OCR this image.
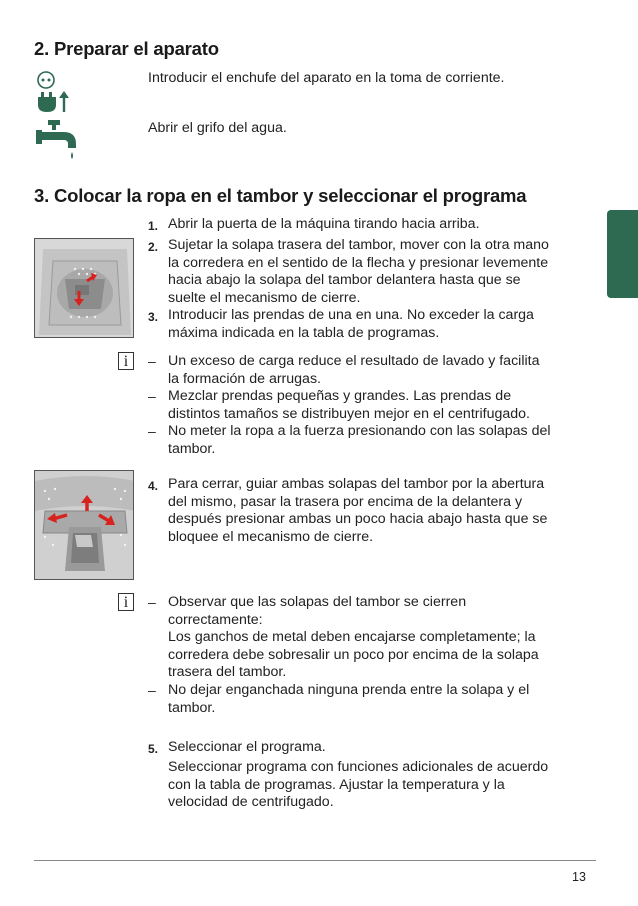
2. Preparar el aparato
Introducir el enchufe del aparato en la toma de corriente.
Abrir el grifo del agua.
3. Colocar la ropa en el tambor y seleccionar el programa
1. Abrir la puerta de la máquina tirando hacia arriba.
2. Sujetar la solapa trasera del tambor, mover con la otra mano
la corredera en el sentido de la flecha y presionar levemente
hacia abajo la solapa del tambor delantera hasta que se
suelte el mecanismo de cierre.
3. Introducir las prendas de una en una. No exceder la carga
máxima indicada en la tabla de programas.
i	– Un exceso de carga reduce el resultado de lavado y facilita
la formación de arrugas.
– Mezclar prendas pequeñas y grandes. Las prendas de
distintos tamaños se distribuyen mejor en el centrifugado.
– No meter la ropa a la fuerza presionando con las solapas del
tambor.
4. Para cerrar, guiar ambas solapas del tambor por la abertura
del mismo, pasar la trasera por encima de la delantera y
después presionar ambas un poco hacia abajo hasta que se
bloquee el mecanismo de cierre.
i	– Observar que las solapas del tambor se cierren
correctamente:
Los ganchos de metal deben encajarse completamente; la
corredera debe sobresalir un poco por encima de la solapa
trasera del tambor.
– No dejar enganchada ninguna prenda entre la solapa y el
tambor.
5. Seleccionar el programa.
Seleccionar programa con funciones adicionales de acuerdo
con la tabla de programas. Ajustar la temperatura y la
velocidad de centrifugado.
13
